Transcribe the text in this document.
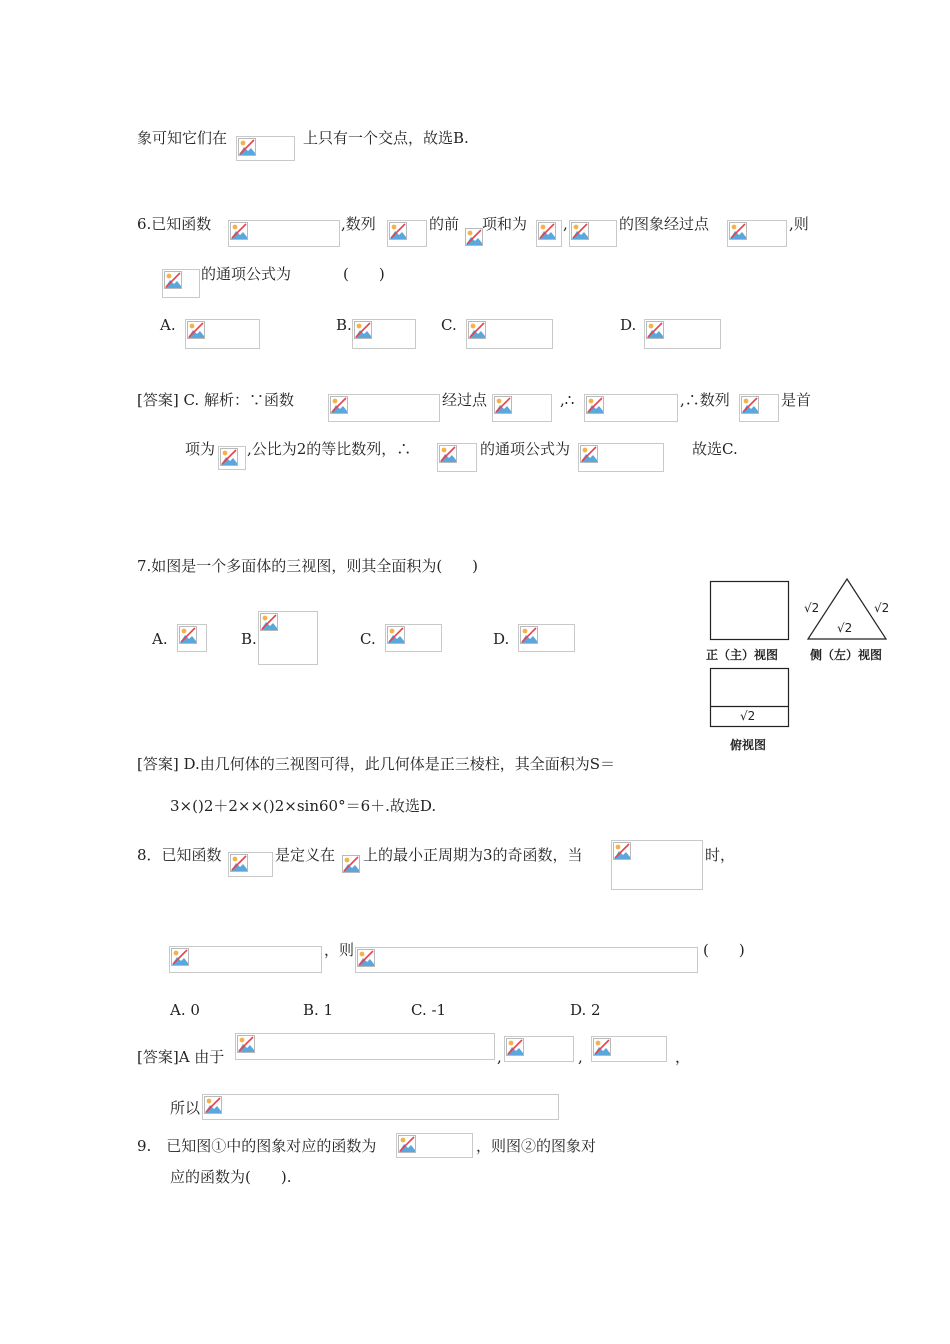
象可知它们在	上只有一个交点，故选B.
6.已知函数	,数列	的前 项和为 ,	的图象经过点	,则
的通项公式为	(　　)
A.	B.	C.	D.
[答案] C. 解析：∵函数	经过点	,∴	,∴数列	是首
项为 ,公比为2的等比数列，∴	的通项公式为	故选C.
7.如图是一个多面体的三视图，则其全面积为(　　)
A.	B.	C.	D.
√2	√2
√2
正（主）视图	侧（左）视图
√2
俯视图
[答案] D.由几何体的三视图可得，此几何体是正三棱柱，其全面积为S＝
3×()2＋2××()2×sin60°＝6＋.故选D.
8．已知函数	是定义在 上的最小正周期为3的奇函数，当	时，
，则	(　　)
A. 0	B. 1	C. -1	D. 2
[答案]A 由于	,	,	，
所以
9.　已知图①中的图象对应的函数为	，则图②的图象对
应的函数为(　　).
